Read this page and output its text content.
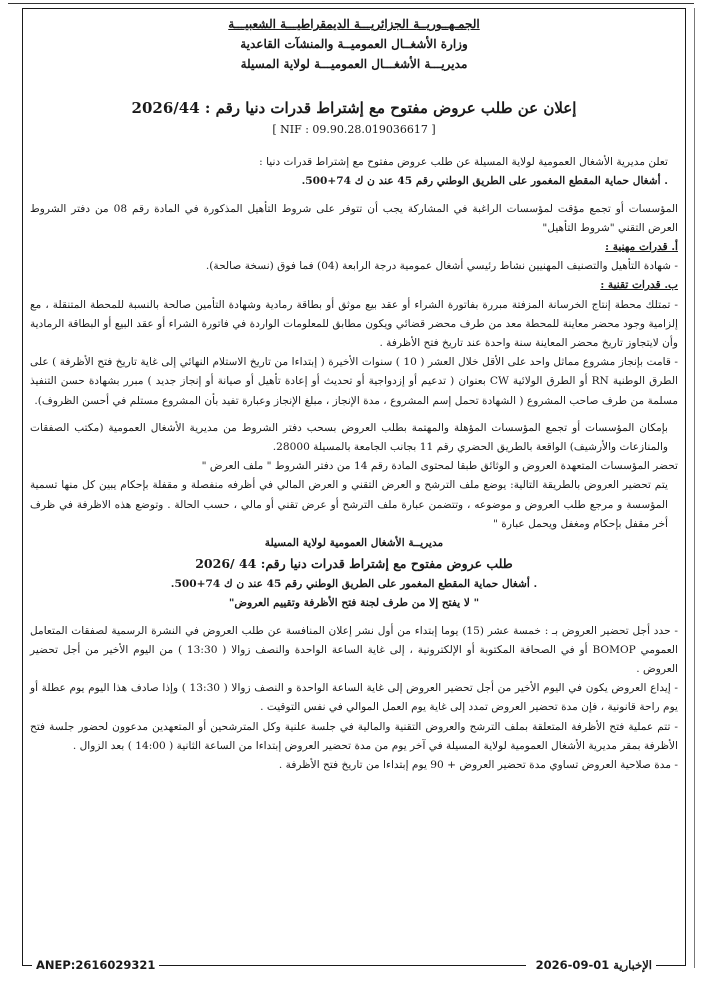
الجمـهــوريــة الجزائريـــة الديمقراطيـــة الشعبيـــة
وزارة الأشغــال العموميــة والمنشآت القاعدية
مديريـــة الأشغـــال العموميـــة لولاية المسيلة
إعلان عن طلب عروض مفتوح مع إشتراط قدرات دنيا رقم : 2026/44
[ NIF : 09.90.28.019036617 ]

تعلن مديرية الأشغال العمومية لولاية المسيلة عن طلب عروض مفتوح مع إشتراط قدرات دنيا :

. أشغال حماية المقطع المغمور على الطريق الوطني رقم 45 عند ن ك 74+500.

المؤسسات أو تجمع مؤقت لمؤسسات الراغبة في المشاركة يجب أن تتوفر على شروط التأهيل المذكورة في المادة رقم 08 من دفتر الشروط العرض التقني "شروط التأهيل"

أ. قدرات مهنية :

- شهادة التأهيل والتصنيف المهنيين نشاط رئيسي أشغال عمومية درجة الرابعة (04) فما فوق (نسخة صالحة).

ب. قدرات تقنية :

- تمتلك محطة إنتاج الخرسانة المزفتة مبررة بفاتورة الشراء أو عقد بيع موثق أو بطاقة رمادية وشهادة التأمين صالحة بالنسبة للمحطة المتنقلة ، مع إلزامية وجود محضر معاينة للمحطة معد من طرف محضر قضائي ويكون مطابق للمعلومات الواردة في فاتورة الشراء أو عقد البيع أو البطاقة الرمادية وأن لايتجاوز تاريخ محضر المعاينة سنة واحدة عند تاريخ فتح الأظرفة .

- قامت بإنجاز مشروع مماثل واحد على الأقل خلال العشر ( 10 ) سنوات الأخيرة ( إبتداءا من تاريخ الاستلام النهائي إلى غاية تاريخ فتح الأظرفة ) على الطرق الوطنية RN أو الطرق الولائية CW بعنوان ( تدعيم أو إزدواجية أو تحديث أو إعادة تأهيل أو صيانة أو إنجاز جديد ) مبرر بشهادة حسن التنفيذ مسلمة من طرف صاحب المشروع ( الشهادة تحمل إسم المشروع ، مدة الإنجاز ، مبلغ الإنجاز وعبارة تفيد بأن المشروع مستلم في أحسن الظروف).

بإمكان المؤسسات أو تجمع المؤسسات المؤهلة والمهتمة بطلب العروض بسحب دفتر الشروط من مديرية الأشغال العمومية (مكتب الصفقات والمنازعات والأرشيف) الواقعة بالطريق الحضري رقم 11 بجانب الجامعة بالمسيلة 28000.

تحضر المؤسسات المتعهدة العروض و الوثائق طبقا لمحتوى المادة رقم 14 من دفتر الشروط " ملف العرض "

يتم تحضير العروض بالطريقة التالية: يوضع ملف الترشح و العرض التقني و العرض المالي في أظرفه منفصلة و مقفلة بإحكام يبين كل منها تسمية المؤسسة و مرجع طلب العروض و موضوعه ، وتتضمن عبارة ملف الترشح أو عرض تقني أو مالي ، حسب الحالة . وتوضع هذه الاظرفة في ظرف أخر مقفل بإحكام ومغفل ويحمل عبارة "

مديريــة الأشغال العمومية لولاية المسيلة
طلب عروض مفتوح مع إشتراط قدرات دنيا رقم: 44 /2026
. أشغال حماية المقطع المغمور على الطريق الوطني رقم 45 عند ن ك 74+500.
" لا يفتح إلا من طرف لجنة فتح الأظرفة وتقييم العروض"

- حدد أجل تحضير العروض بـ : خمسة عشر (15) يوما إبتداء من أول نشر إعلان المنافسة عن طلب العروض في النشرة الرسمية لصفقات المتعامل العمومي BOMOP أو في الصحافة المكتوبة أو الإلكترونية ، إلى غاية الساعة الواحدة والنصف زوالا ( 13:30 ) من اليوم الأخير من أجل تحضير العروض .

- إيداع العروض يكون في اليوم الأخير من أجل تحضير العروض إلى غاية الساعة الواحدة و النصف زوالا ( 13:30 ) وإذا صادف هذا اليوم يوم عطلة أو يوم راحة قانونية ، فإن مدة تحضير العروض تمدد إلى غاية يوم العمل الموالي في نفس التوقيت .

- تتم عملية فتح الأظرفة المتعلقة بملف الترشح والعروض التقنية والمالية في جلسة علنية وكل المترشحين أو المتعهدين مدعوون لحضور جلسة فتح الأظرفة بمقر مديرية الأشغال العمومية لولاية المسيلة في آخر يوم من مدة تحضير العروض إبتداءا من الساعة الثانية ( 14:00 ) بعد الزوال .

- مدة صلاحية العروض تساوي مدة تحضير العروض + 90 يوم إبتداءا من تاريخ فتح الأظرفة .

ANEP:2616029321	الإخبارية 2026-09-01
